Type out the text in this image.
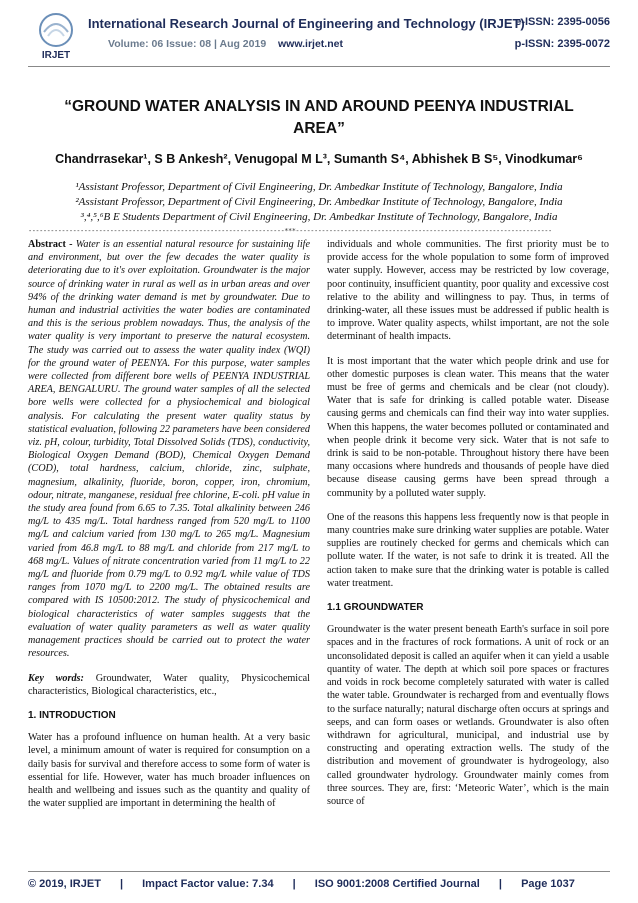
IRJET
International Research Journal of Engineering and Technology (IRJET)
e-ISSN: 2395-0056
Volume: 06 Issue: 08 | Aug 2019 www.irjet.net	p-ISSN: 2395-0072
“GROUND WATER ANALYSIS IN AND AROUND PEENYA INDUSTRIAL AREA”
Chandrrasekar¹, S B Ankesh², Venugopal M L³, Sumanth S⁴, Abhishek B S⁵, Vinodkumar⁶
¹Assistant Professor, Department of Civil Engineering, Dr. Ambedkar Institute of Technology, Bangalore, India
²Assistant Professor, Department of Civil Engineering, Dr. Ambedkar Institute of Technology, Bangalore, India
³,⁴,⁵,⁶B E Students Department of Civil Engineering, Dr. Ambedkar Institute of Technology, Bangalore, India
---------------------------------------------------------------------***---------------------------------------------------------------------

Abstract - Water is an essential natural resource for sustaining life and environment, but over the few decades the water quality is deteriorating due to it's over exploitation. Groundwater is the major source of drinking water in rural as well as in urban areas and over 94% of the drinking water demand is met by groundwater. Due to human and industrial activities the water bodies are contaminated and this is the serious problem nowadays. Thus, the analysis of the water quality is very important to preserve the natural ecosystem. The study was carried out to assess the water quality index (WQI) for the ground water of PEENYA. For this purpose, water samples were collected from different bore wells of PEENYA INDUSTRIAL AREA, BENGALURU. The ground water samples of all the selected bore wells were collected for a physiochemical and biological analysis. For calculating the present water quality status by statistical evaluation, following 22 parameters have been considered viz. pH, colour, turbidity, Total Dissolved Solids (TDS), conductivity, Biological Oxygen Demand (BOD), Chemical Oxygen Demand (COD), total hardness, calcium, chloride, zinc, sulphate, magnesium, alkalinity, fluoride, boron, copper, iron, chromium, odour, nitrate, manganese, residual free chlorine, E-coli. pH value in the study area found from 6.65 to 7.35. Total alkalinity between 246 mg/L to 435 mg/L. Total hardness ranged from 520 mg/L to 1100 mg/L and calcium varied from 130 mg/L to 265 mg/L. Magnesium varied from 46.8 mg/L to 88 mg/L and chloride from 217 mg/L to 468 mg/L. Values of nitrate concentration varied from 11 mg/L to 22 mg/L and fluoride from 0.79 mg/L to 0.92 mg/L while value of TDS ranges from 1070 mg/L to 2200 mg/L. The obtained results are compared with IS 10500:2012. The study of physicochemical and biological characteristics of water samples suggests that the evaluation of water quality parameters as well as water quality management practices should be carried out to protect the water resources.

Key words: Groundwater, Water quality, Physicochemical characteristics, Biological characteristics, etc.,

1. INTRODUCTION

Water has a profound influence on human health. At a very basic level, a minimum amount of water is required for consumption on a daily basis for survival and therefore access to some form of water is essential for life. However, water has much broader influences on health and wellbeing and issues such as the quantity and quality of the water supplied are important in determining the health of

individuals and whole communities. The first priority must be to provide access for the whole population to some form of improved water supply. However, access may be restricted by low coverage, poor continuity, insufficient quantity, poor quality and excessive cost relative to the ability and willingness to pay. Thus, in terms of drinking-water, all these issues must be addressed if public health is to improve. Water quality aspects, whilst important, are not the sole determinant of health impacts.

It is most important that the water which people drink and use for other domestic purposes is clean water. This means that the water must be free of germs and chemicals and be clear (not cloudy). Water that is safe for drinking is called potable water. Disease causing germs and chemicals can find their way into water supplies. When this happens, the water becomes polluted or contaminated and when people drink it become very sick. Water that is not safe to drink is said to be non-potable. Throughout history there have been many occasions where hundreds and thousands of people have died because disease causing germs have been spread through a community by a polluted water supply.

One of the reasons this happens less frequently now is that people in many countries make sure drinking water supplies are potable. Water supplies are routinely checked for germs and chemicals which can pollute water. If the water, is not safe to drink it is treated. All the action taken to make sure that the drinking water is potable is called water treatment.

1.1 GROUNDWATER

Groundwater is the water present beneath Earth's surface in soil pore spaces and in the fractures of rock formations. A unit of rock or an unconsolidated deposit is called an aquifer when it can yield a usable quantity of water. The depth at which soil pore spaces or fractures and voids in rock become completely saturated with water is called the water table. Groundwater is recharged from and eventually flows to the surface naturally; natural discharge often occurs at springs and seeps, and can form oases or wetlands. Groundwater is also often withdrawn for agricultural, municipal, and industrial use by constructing and operating extraction wells. The study of the distribution and movement of groundwater is hydrogeology, also called groundwater hydrology. Groundwater mainly comes from three sources. They are, first: ‘Meteoric Water’, which is the main source of

© 2019, IRJET | Impact Factor value: 7.34 | ISO 9001:2008 Certified Journal | Page 1037
